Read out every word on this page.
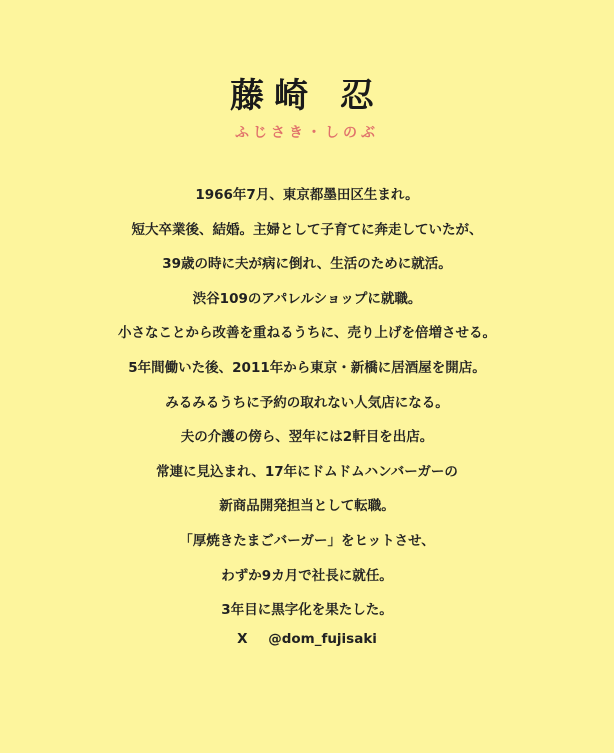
藤崎 忍
ふじさき・しのぶ
1966年7月、東京都墨田区生まれ。
短大卒業後、結婚。主婦として子育てに奔走していたが、
39歳の時に夫が病に倒れ、生活のために就活。
渋谷109のアパレルショップに就職。
小さなことから改善を重ねるうちに、売り上げを倍増させる。
5年間働いた後、2011年から東京・新橋に居酒屋を開店。
みるみるうちに予約の取れない人気店になる。
夫の介護の傍ら、翌年には2軒目を出店。
常連に見込まれ、17年にドムドムハンバーガーの
新商品開発担当として転職。
「厚焼きたまごバーガー」をヒットさせ、
わずか9カ月で社長に就任。
3年目に黒字化を果たした。
X @dom_fujisaki
